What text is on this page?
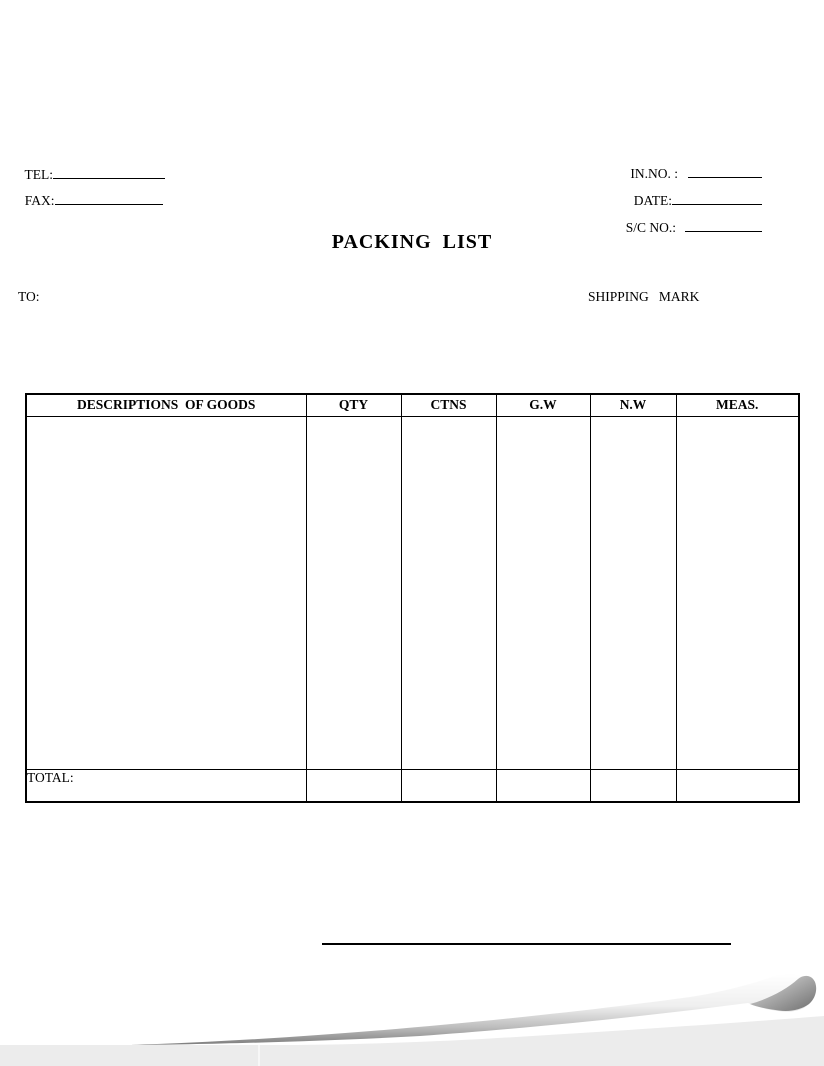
TEL:

FAX:

IN.NO. :

DATE:

S/C NO.:

PACKING LIST
TO:	SHIPPING   MARK
DESCRIPTIONS  OF GOODS	QTY	CTNS	G.W	N.W	MEAS.

TOTAL:					
